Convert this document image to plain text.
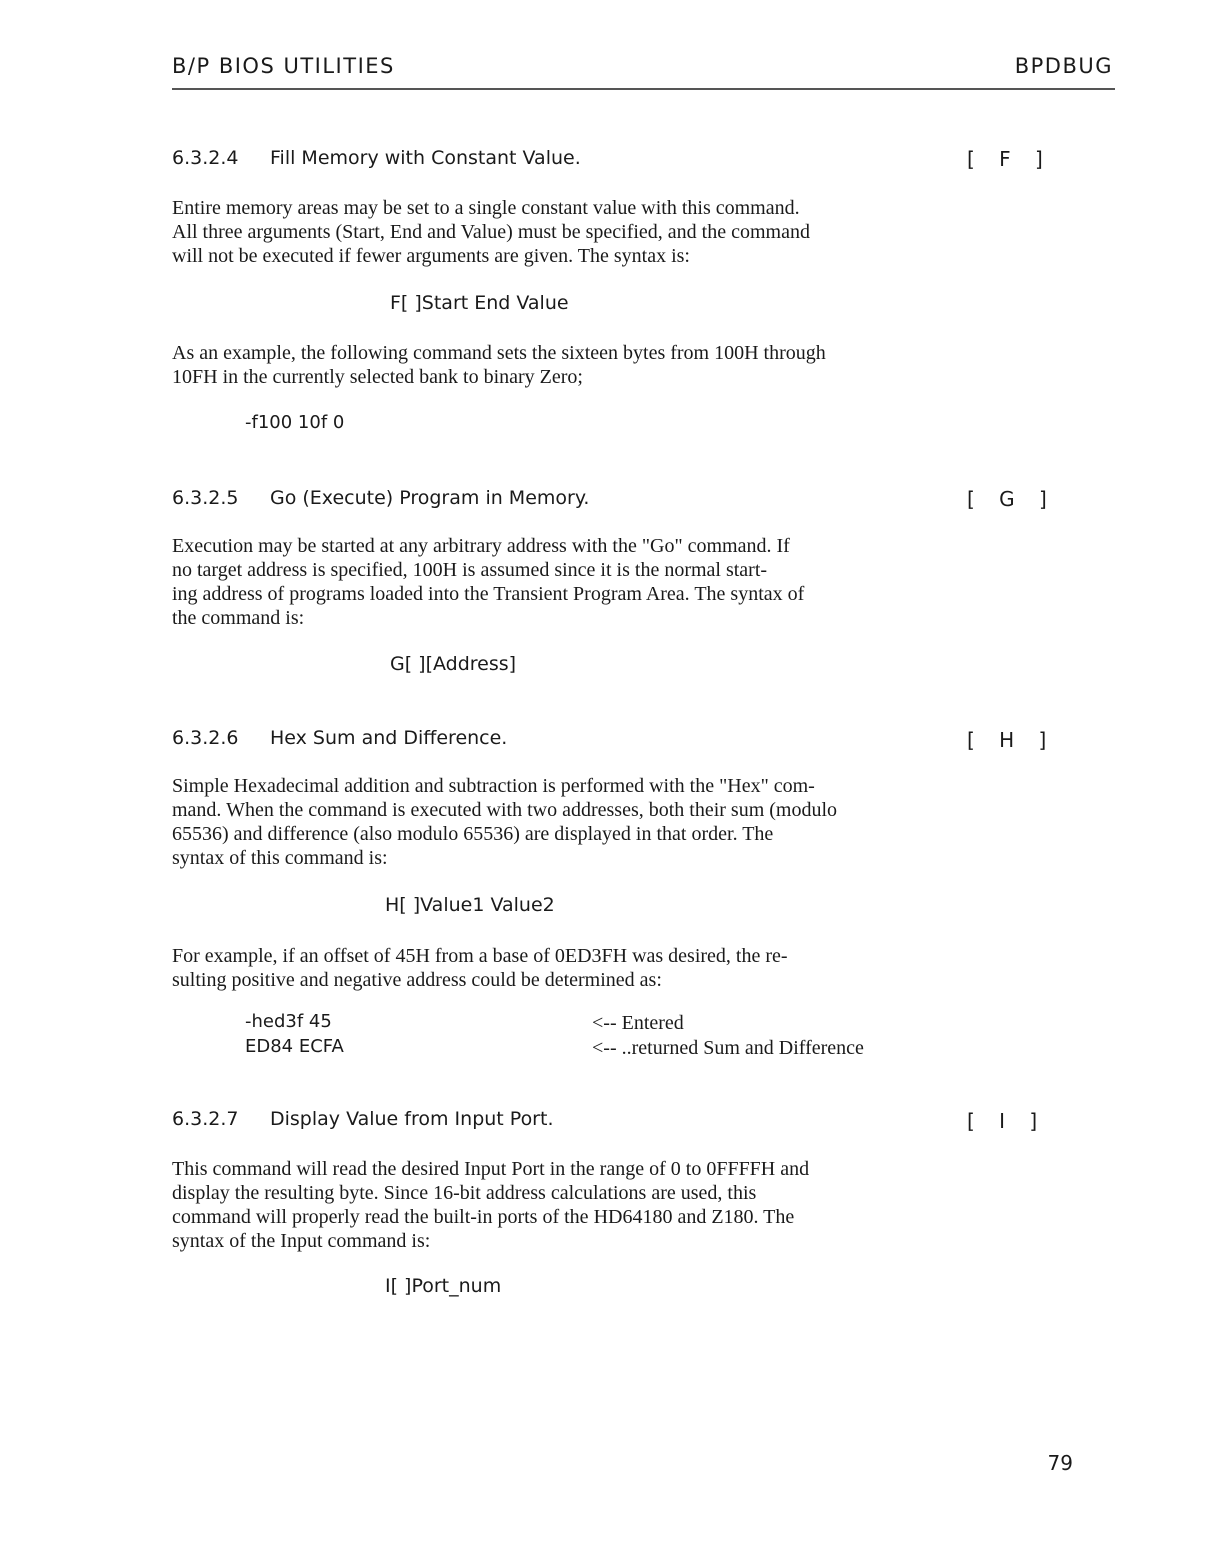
B/P BIOS UTILITIES	BPDBUG
6.3.2.4 Fill Memory with Constant Value.	[ F ]
Entire memory areas may be set to a single constant value with this command.
All three arguments (Start, End and Value) must be specified, and the command
will not be executed if fewer arguments are given. The syntax is:
F[ ]Start End Value
As an example, the following command sets the sixteen bytes from 100H through
10FH in the currently selected bank to binary Zero;
-f100 10f 0
6.3.2.5 Go (Execute) Program in Memory.	[ G ]
Execution may be started at any arbitrary address with the "Go" command. If
no target address is specified, 100H is assumed since it is the normal start-
ing address of programs loaded into the Transient Program Area. The syntax of
the command is:
G[ ][Address]
6.3.2.6 Hex Sum and Difference.	[ H ]
Simple Hexadecimal addition and subtraction is performed with the "Hex" com-
mand. When the command is executed with two addresses, both their sum (modulo
65536) and difference (also modulo 65536) are displayed in that order. The
syntax of this command is:
H[ ]Value1 Value2
For example, if an offset of 45H from a base of 0ED3FH was desired, the re-
sulting positive and negative address could be determined as:
-hed3f 45	<-- Entered
ED84 ECFA	<-- ..returned Sum and Difference
6.3.2.7 Display Value from Input Port.	[ I ]
This command will read the desired Input Port in the range of 0 to 0FFFFH and
display the resulting byte. Since 16-bit address calculations are used, this
command will properly read the built-in ports of the HD64180 and Z180. The
syntax of the Input command is:
I[ ]Port_num
79
